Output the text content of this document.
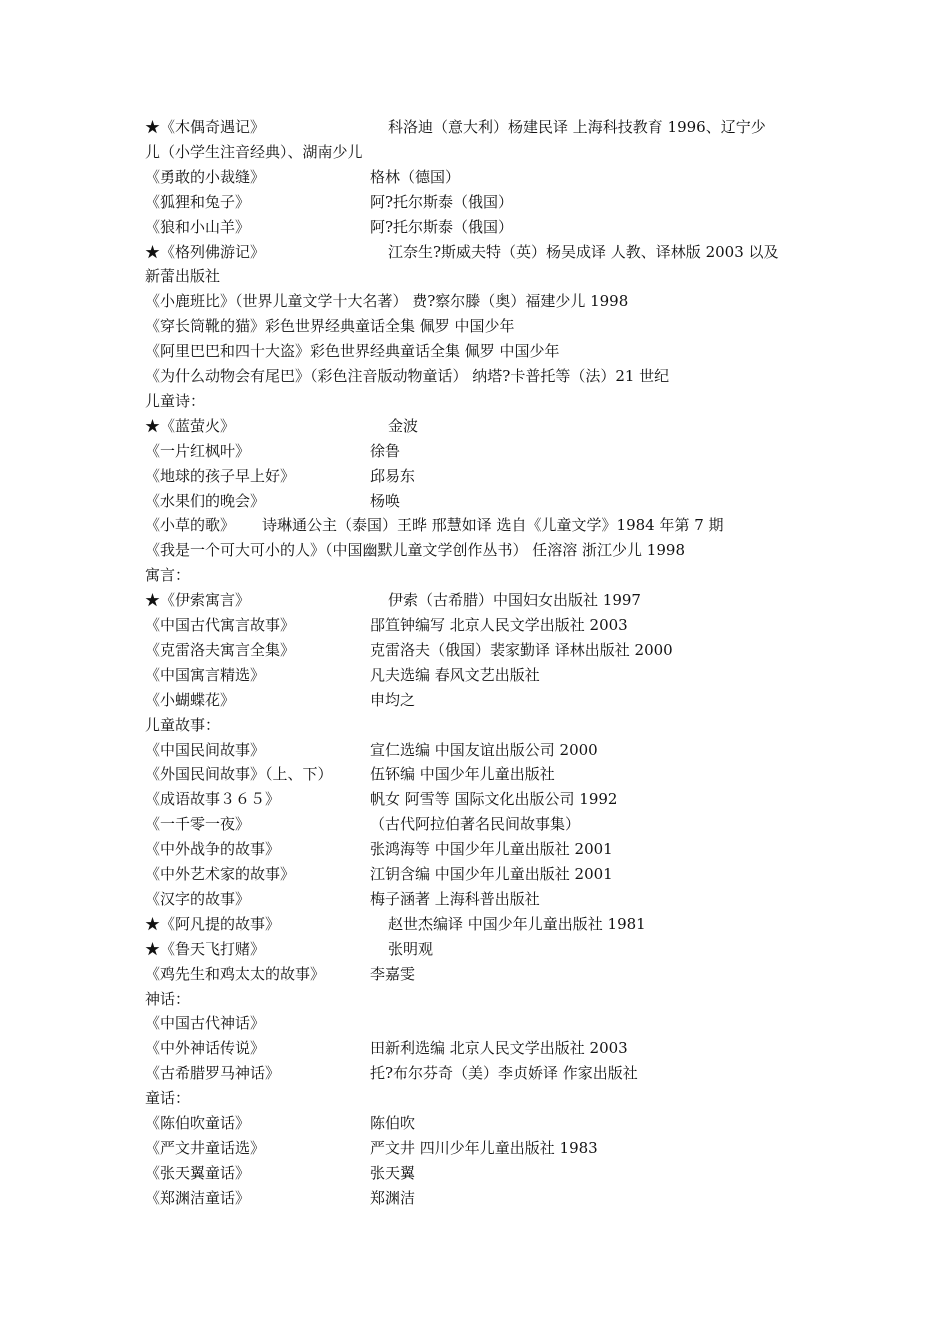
★《木偶奇遇记》	科洛迪（意大利）杨建民译 上海科技教育 1996、辽宁少
儿（小学生注音经典）、湖南少儿
《勇敢的小裁缝》	格林（德国）
《狐狸和兔子》	阿?托尔斯泰（俄国）
《狼和小山羊》	阿?托尔斯泰（俄国）
★《格列佛游记》	江奈生?斯威夫特（英）杨吴成译 人教、译林版 2003 以及
新蕾出版社
《小鹿班比》（世界儿童文学十大名著） 费?察尔滕（奥）福建少儿 1998
《穿长筒靴的猫》彩色世界经典童话全集 佩罗 中国少年
《阿里巴巴和四十大盗》彩色世界经典童话全集 佩罗 中国少年
《为什么动物会有尾巴》（彩色注音版动物童话） 纳塔?卡普托等（法）21 世纪
儿童诗：
★《蓝萤火》	金波
《一片红枫叶》	徐鲁
《地球的孩子早上好》	邱易东
《水果们的晚会》	杨唤
《小草的歌》 诗琳通公主（泰国）王晔 邢慧如译 选自《儿童文学》1984 年第 7 期
《我是一个可大可小的人》（中国幽默儿童文学创作丛书） 任溶溶 浙江少儿 1998
寓言：
★《伊索寓言》	伊索（古希腊）中国妇女出版社 1997
《中国古代寓言故事》	郘笪钟编写 北京人民文学出版社 2003
《克雷洛夫寓言全集》	克雷洛夫（俄国）裴家勤译 译林出版社 2000
《中国寓言精选》	凡夫选编 春风文艺出版社
《小蝴蝶花》	申均之
儿童故事：
《中国民间故事》	宣仁选编 中国友谊出版公司 2000
《外国民间故事》（上、下） 伍钚编 中国少年儿童出版社
《成语故事３６５》	帆女 阿雪等 国际文化出版公司 1992
《一千零一夜》	（古代阿拉伯著名民间故事集）
《中外战争的故事》	张鸿海等 中国少年儿童出版社 2001
《中外艺术家的故事》	江钥含编 中国少年儿童出版社 2001
《汉字的故事》	梅子涵著 上海科普出版社
★《阿凡提的故事》	赵世杰编译 中国少年儿童出版社 1981
★《鲁天飞打赌》	张明观
《鸡先生和鸡太太的故事》	李嘉雯
神话：
《中国古代神话》
《中外神话传说》	田新利选编 北京人民文学出版社 2003
《古希腊罗马神话》	托?布尔芬奇（美）李贞娇译 作家出版社
童话：
《陈伯吹童话》	陈伯吹
《严文井童话选》	严文井 四川少年儿童出版社 1983
《张天翼童话》	张天翼
《郑渊洁童话》	郑渊洁
